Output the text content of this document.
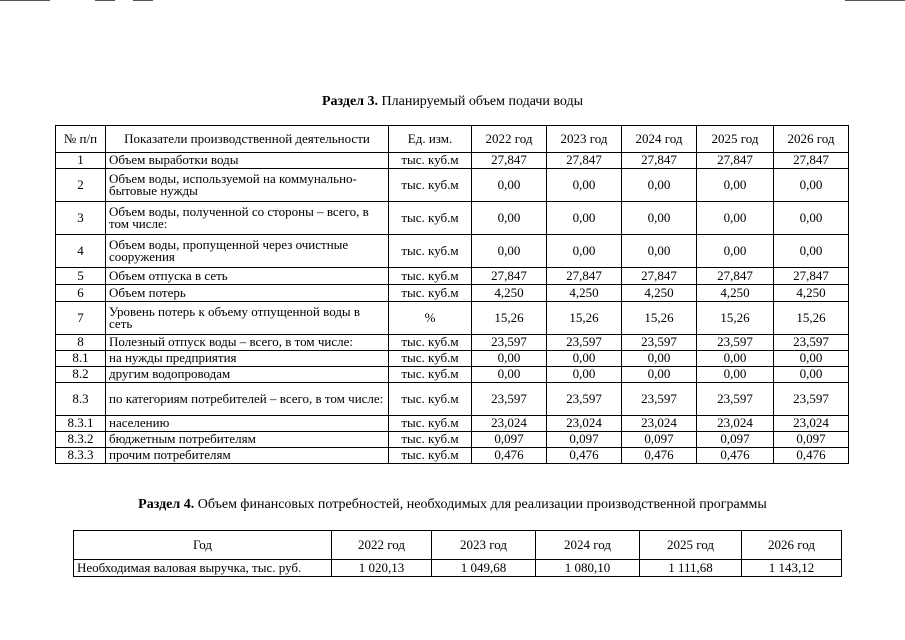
Раздел 3. Планируемый объем подачи воды
№ п/п	Показатели производственной деятельности	Ед. изм.	2022 год	2023 год	2024 год	2025 год	2026 год
1	Объем выработки воды	тыс. куб.м	27,847	27,847	27,847	27,847	27,847
2	Объем воды, используемой на коммунально-бытовые нужды	тыс. куб.м	0,00	0,00	0,00	0,00	0,00
3	Объем воды, полученной со стороны – всего, в том числе:	тыс. куб.м	0,00	0,00	0,00	0,00	0,00
4	Объем воды, пропущенной через очистные сооружения	тыс. куб.м	0,00	0,00	0,00	0,00	0,00
5	Объем отпуска в сеть	тыс. куб.м	27,847	27,847	27,847	27,847	27,847
6	Объем потерь	тыс. куб.м	4,250	4,250	4,250	4,250	4,250
7	Уровень потерь к объему отпущенной воды в сеть	%	15,26	15,26	15,26	15,26	15,26
8	Полезный отпуск воды – всего, в том числе:	тыс. куб.м	23,597	23,597	23,597	23,597	23,597
8.1	на нужды предприятия	тыс. куб.м	0,00	0,00	0,00	0,00	0,00
8.2	другим водопроводам	тыс. куб.м	0,00	0,00	0,00	0,00	0,00
8.3	по категориям потребителей – всего, в том числе:	тыс. куб.м	23,597	23,597	23,597	23,597	23,597
8.3.1	населению	тыс. куб.м	23,024	23,024	23,024	23,024	23,024
8.3.2	бюджетным потребителям	тыс. куб.м	0,097	0,097	0,097	0,097	0,097
8.3.3	прочим потребителям	тыс. куб.м	0,476	0,476	0,476	0,476	0,476
Раздел 4. Объем финансовых потребностей, необходимых для реализации производственной программы
Год	2022 год	2023 год	2024 год	2025 год	2026 год
Необходимая валовая выручка, тыс. руб.	1 020,13	1 049,68	1 080,10	1 111,68	1 143,12
